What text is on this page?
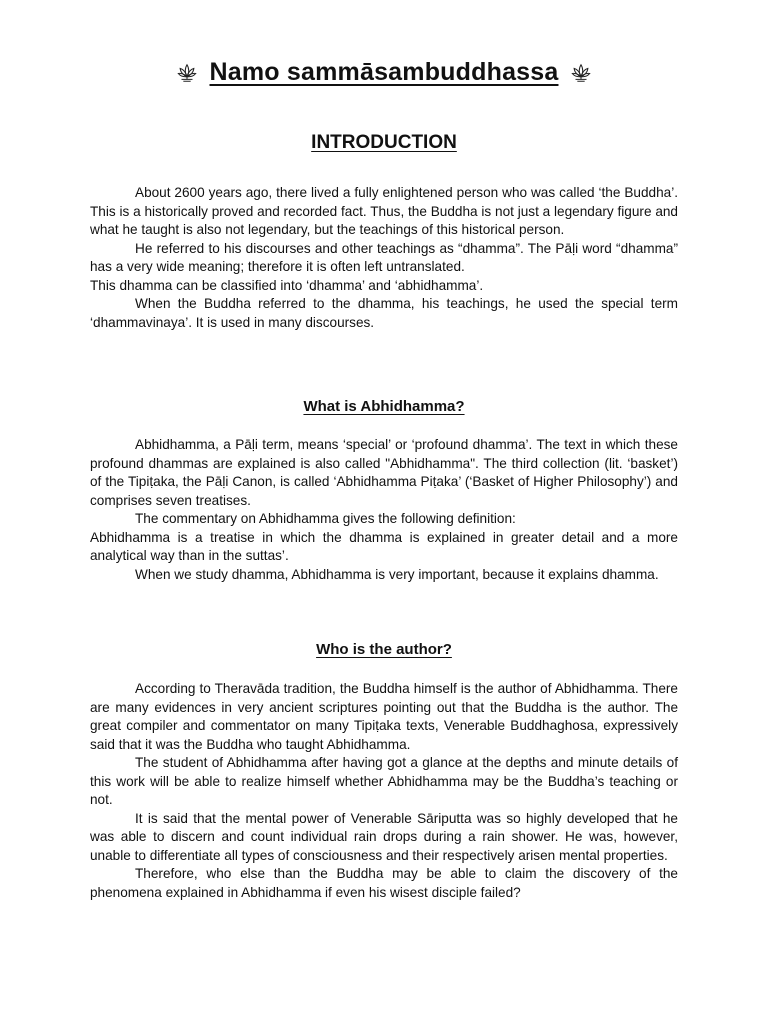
Namo sammāsambuddhassa
INTRODUCTION

About 2600 years ago, there lived a fully enlightened person who was called ‘the Buddha’. This is a historically proved and recorded fact. Thus, the Buddha is not just a legendary figure and what he taught is also not legendary, but the teachings of this historical person.

He referred to his discourses and other teachings as “dhamma”. The Pāḷi word “dhamma” has a very wide meaning; therefore it is often left untranslated.

This dhamma can be classified into ‘dhamma’ and ‘abhidhamma’.

When the Buddha referred to the dhamma, his teachings, he used the special term ‘dhammavinaya’. It is used in many discourses.

What is Abhidhamma?

Abhidhamma, a Pāḷi term, means ‘special’ or ‘profound dhamma’. The text in which these profound dhammas are explained is also called "Abhidhamma". The third collection (lit. ‘basket’) of the Tipiṭaka, the Pāḷi Canon, is called ‘Abhidhamma Piṭaka’ (‘Basket of Higher Philosophy’) and comprises seven treatises.

The commentary on Abhidhamma gives the following definition:

Abhidhamma is a treatise in which the dhamma is explained in greater detail and a more analytical way than in the suttas’.

When we study dhamma, Abhidhamma is very important, because it explains dhamma.

Who is the author?

According to Theravāda tradition, the Buddha himself is the author of Abhidhamma. There are many evidences in very ancient scriptures pointing out that the Buddha is the author. The great compiler and commentator on many Tipiṭaka texts, Venerable Buddhaghosa, expressively said that it was the Buddha who taught Abhidhamma.

The student of Abhidhamma after having got a glance at the depths and minute details of this work will be able to realize himself whether Abhidhamma may be the Buddha’s teaching or not.

It is said that the mental power of Venerable Sāriputta was so highly developed that he was able to discern and count individual rain drops during a rain shower. He was, however, unable to differentiate all types of consciousness and their respectively arisen mental properties.

Therefore, who else than the Buddha may be able to claim the discovery of the phenomena explained in Abhidhamma if even his wisest disciple failed?
